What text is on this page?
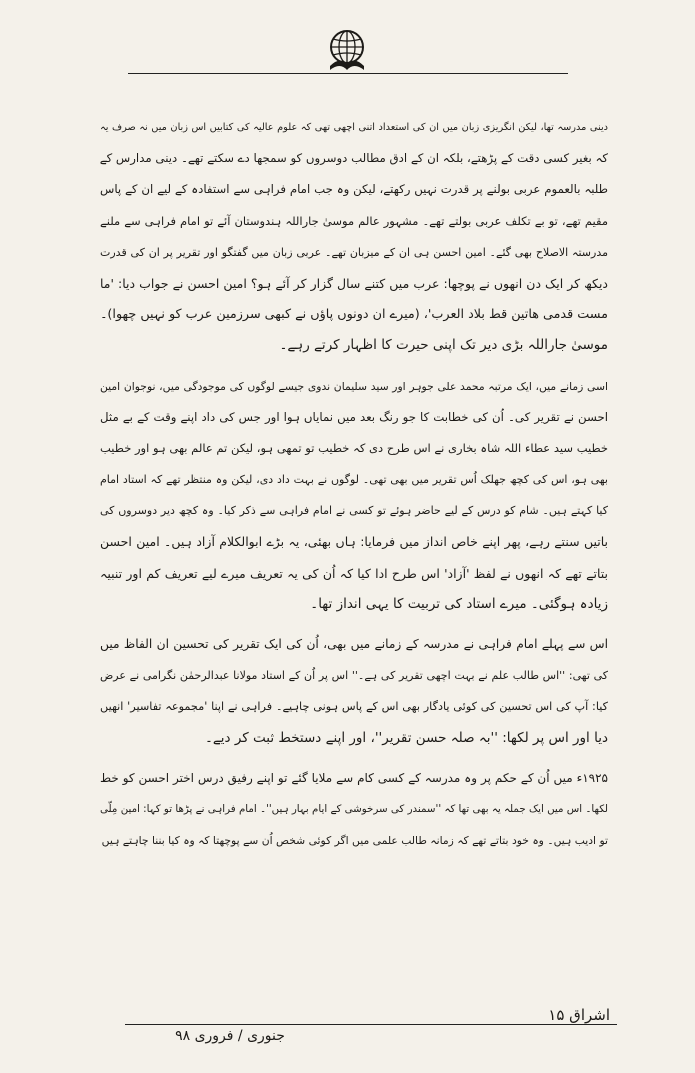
دینی مدرسہ تھا، لیکن انگریزی زبان میں ان کی استعداد اتنی اچھی تھی کہ علوم عالیہ کی کتابیں اس زبان میں نہ صرف یہ
کہ بغیر کسی دقت کے پڑھتے، بلکہ ان کے ادق مطالب دوسروں کو سمجھا دے سکتے تھے۔ دینی مدارس کے
طلبہ بالعموم عربی بولنے پر قدرت نہیں رکھتے، لیکن وہ جب امام فراہی سے استفادہ کے لیے ان کے پاس
مقیم تھے، تو بے تکلف عربی بولتے تھے۔ مشہور عالم موسیٰ جاراللہ ہندوستان آئے تو امام فراہی سے ملنے
مدرستہ الاصلاح بھی گئے۔ امین احسن ہی ان کے میزبان تھے۔ عربی زبان میں گفتگو اور تقریر پر ان کی قدرت
دیکھ کر ایک دن انھوں نے پوچھا: عرب میں کتنے سال گزار کر آئے ہو؟ امین احسن نے جواب دیا: 'ما
مست قدمی هاتین قط بلاد العرب'، (میرے ان دونوں پاؤں نے کبھی سرزمین عرب کو نہیں چھوا)۔
موسیٰ جاراللہ بڑی دیر تک اپنی حیرت کا اظہار کرتے رہے۔
اسی زمانے میں، ایک مرتبہ محمد علی جوہر اور سید سلیمان ندوی جیسے لوگوں کی موجودگی میں، نوجوان امین
احسن نے تقریر کی۔ اُن کی خطابت کا جو رنگ بعد میں نمایاں ہوا اور جس کی داد اپنے وقت کے بے مثل
خطیب سید عطاء اللہ شاہ بخاری نے اس طرح دی کہ خطیب تو تمھی ہو، لیکن تم عالم بھی ہو اور خطیب
بھی ہو، اس کی کچھ جھلک اُس تقریر میں بھی تھی۔ لوگوں نے بہت داد دی، لیکن وہ منتظر تھے کہ استاد امام
کیا کہتے ہیں۔ شام کو درس کے لیے حاضر ہوئے تو کسی نے امام فراہی سے ذکر کیا۔ وہ کچھ دیر دوسروں کی
باتیں سنتے رہے، پھر اپنے خاص انداز میں فرمایا: ہاں بھئی، یہ بڑے ابوالکلام آزاد ہیں۔ امین احسن
بتاتے تھے کہ انھوں نے لفظ 'آزاد' اس طرح ادا کیا کہ اُن کی یہ تعریف میرے لیے تعریف کم اور تنبیہ
زیادہ ہوگئی۔ میرے استاد کی تربیت کا یہی انداز تھا۔
اس سے پہلے امام فراہی نے مدرسہ کے زمانے میں بھی، اُن کی ایک تقریر کی تحسین ان الفاظ میں
کی تھی: ''اس طالب علم نے بہت اچھی تقریر کی ہے۔'' اس پر اُن کے استاد مولانا عبدالرحمٰن نگرامی نے عرض
کیا: آپ کی اس تحسین کی کوئی یادگار بھی اس کے پاس ہونی چاہیے۔ فراہی نے اپنا 'مجموعہ تفاسیر' انھیں
دیا اور اس پر لکھا: ''بہ صلہ حسن تقریر''، اور اپنے دستخط ثبت کر دیے۔
۱۹۲۵ء میں اُن کے حکم پر وہ مدرسہ کے کسی کام سے ملایا گئے تو اپنے رفیق درس اختر احسن کو خط
لکھا۔ اس میں ایک جملہ یہ بھی تھا کہ ''سمندر کی سرخوشی کے ایام بہار ہیں''۔ امام فراہی نے پڑھا تو کہا: امین مِلّی
تو ادیب ہیں۔ وہ خود بتاتے تھے کہ زمانہ طالب علمی میں اگر کوئی شخص اُن سے پوچھتا کہ وہ کیا بننا چاہتے ہیں
اشراق ۱۵
جنوری / فروری ۹۸
